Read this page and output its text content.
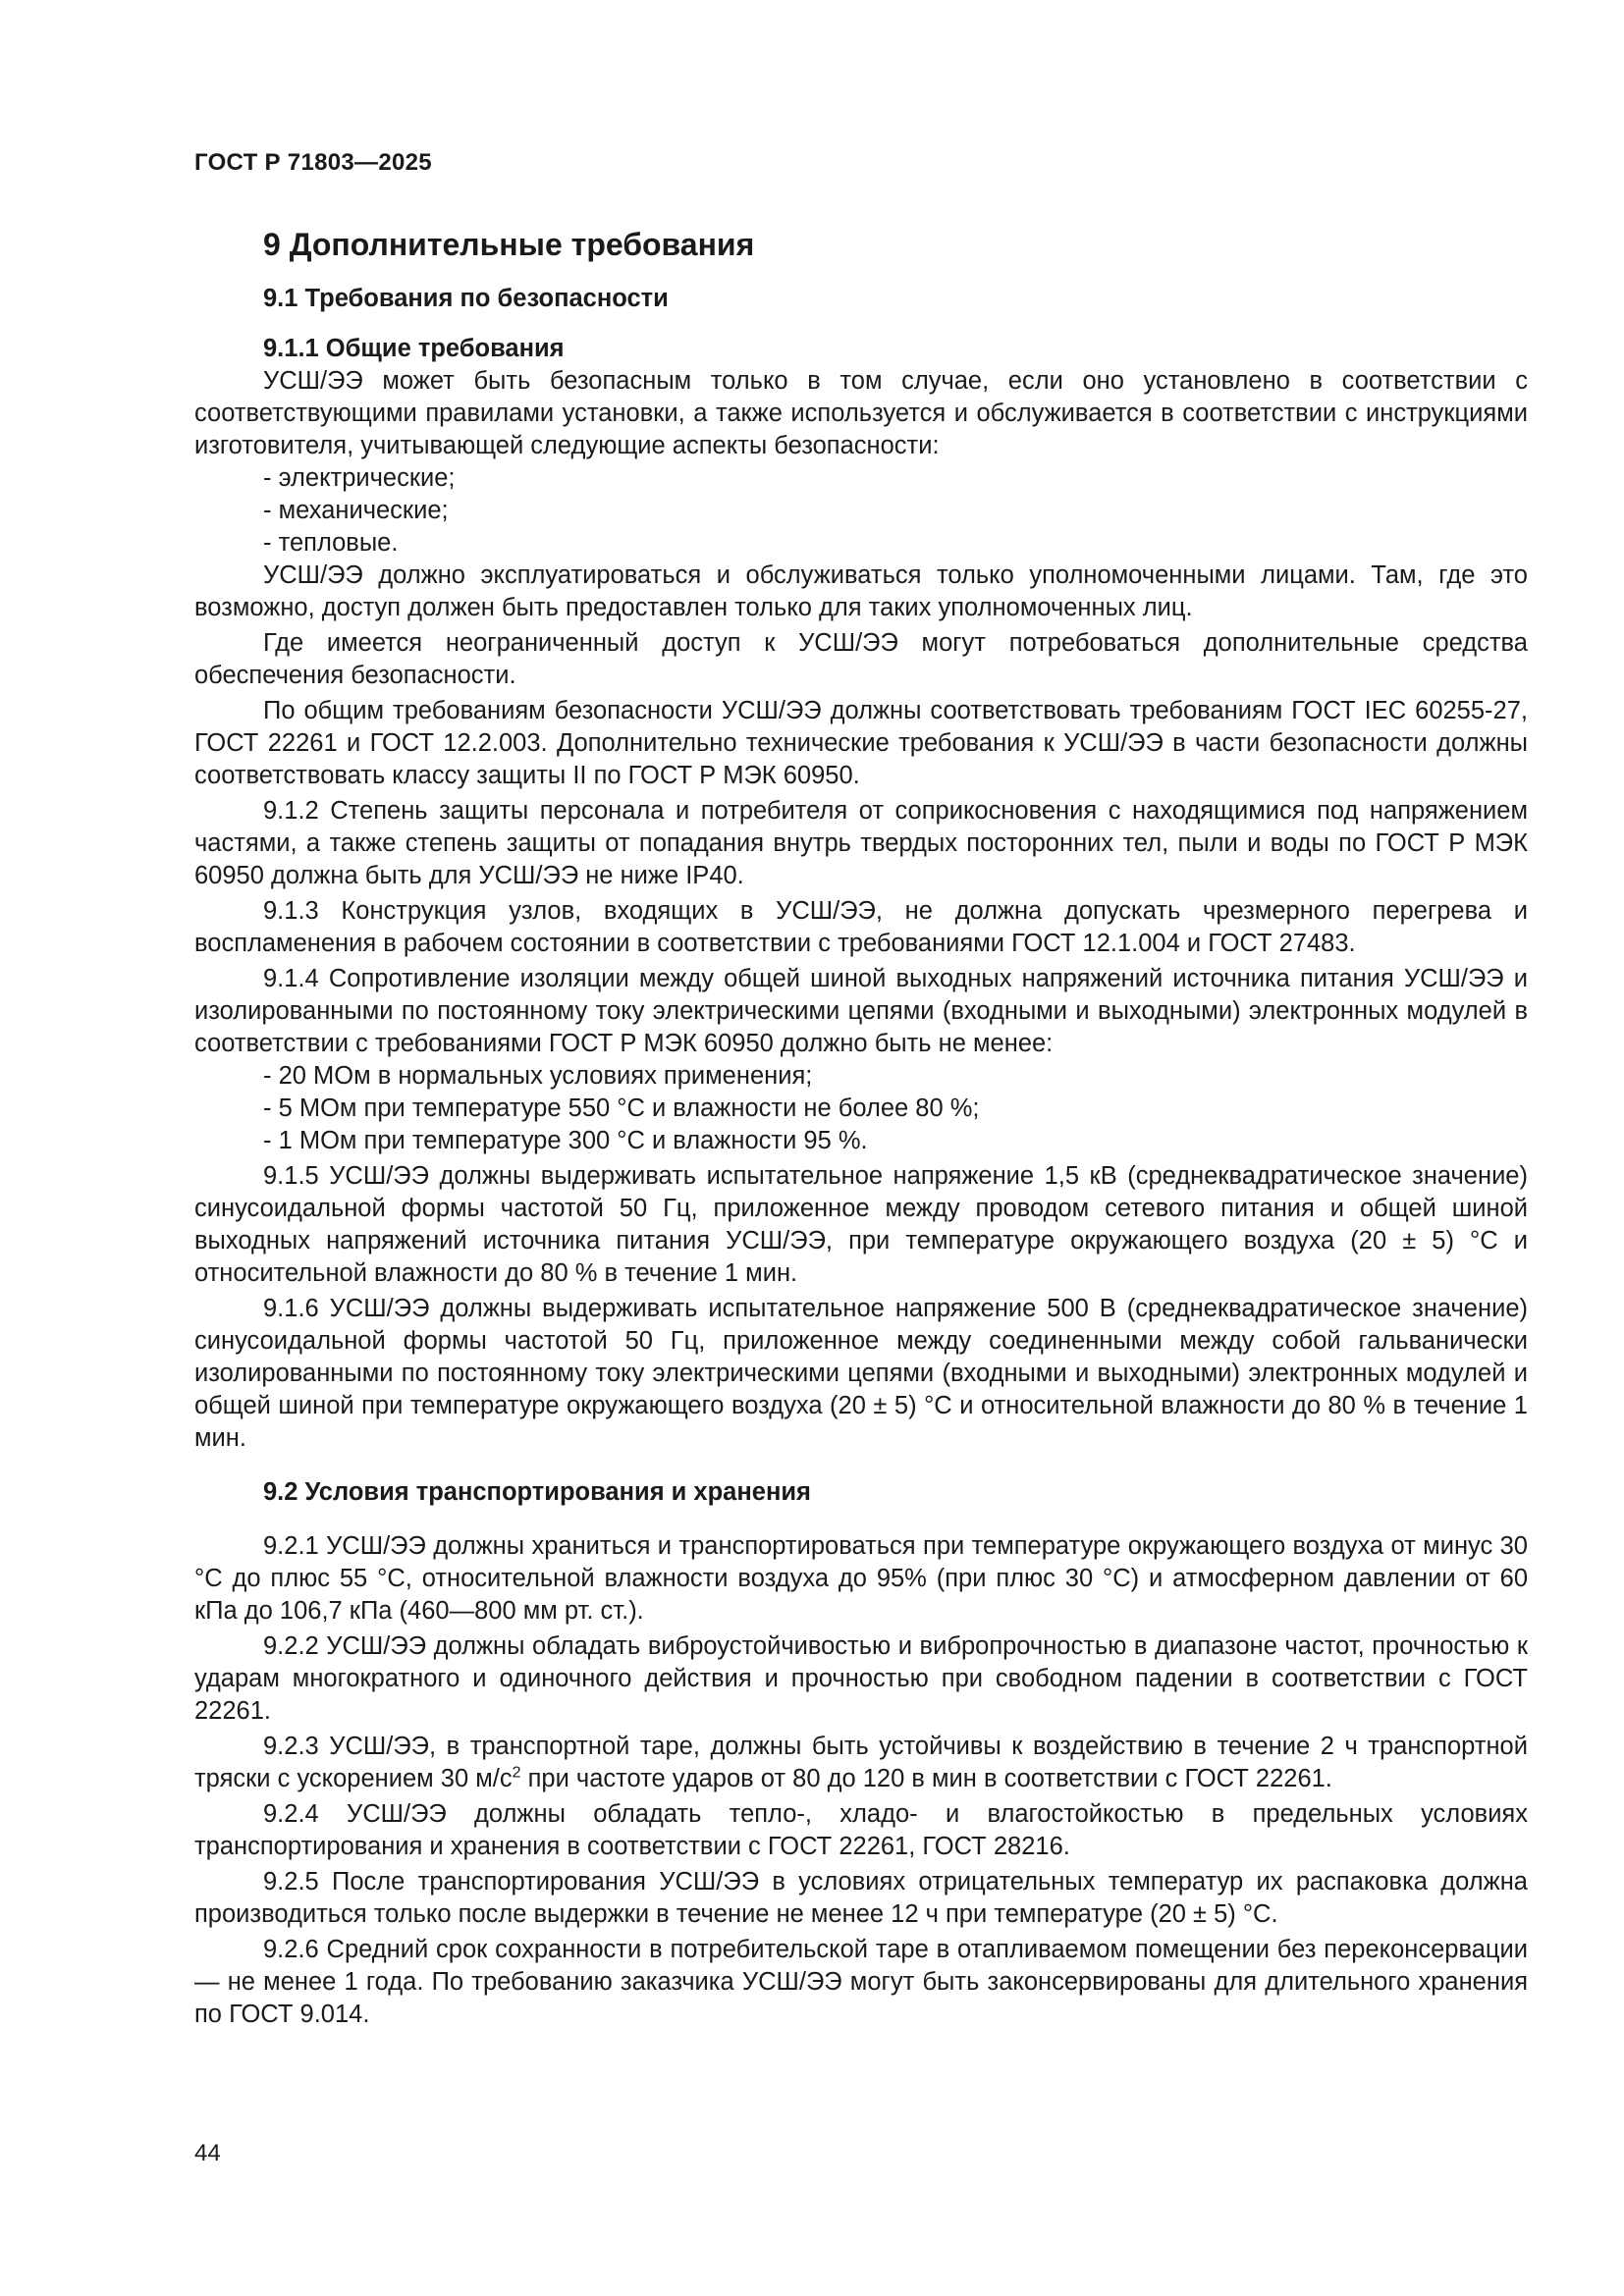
ГОСТ Р 71803—2025
9 Дополнительные требования
9.1 Требования по безопасности
9.1.1 Общие требования

УСШ/ЭЭ может быть безопасным только в том случае, если оно установлено в соответствии с соответствующими правилами установки, а также используется и обслуживается в соответствии с инструкциями изготовителя, учитывающей следующие аспекты безопасности:

- электрические;
- механические;
- тепловые.

УСШ/ЭЭ должно эксплуатироваться и обслуживаться только уполномоченными лицами. Там, где это возможно, доступ должен быть предоставлен только для таких уполномоченных лиц.

Где имеется неограниченный доступ к УСШ/ЭЭ могут потребоваться дополнительные средства обеспечения безопасности.

По общим требованиям безопасности УСШ/ЭЭ должны соответствовать требованиям ГОСТ IEC 60255-27, ГОСТ 22261 и ГОСТ 12.2.003. Дополнительно технические требования к УСШ/ЭЭ в части безопасности должны соответствовать классу защиты II по ГОСТ Р МЭК 60950.

9.1.2 Степень защиты персонала и потребителя от соприкосновения с находящимися под напряжением частями, а также степень защиты от попадания внутрь твердых посторонних тел, пыли и воды по ГОСТ Р МЭК 60950 должна быть для УСШ/ЭЭ не ниже IP40.

9.1.3 Конструкция узлов, входящих в УСШ/ЭЭ, не должна допускать чрезмерного перегрева и воспламенения в рабочем состоянии в соответствии с требованиями ГОСТ 12.1.004 и ГОСТ 27483.

9.1.4 Сопротивление изоляции между общей шиной выходных напряжений источника питания УСШ/ЭЭ и изолированными по постоянному току электрическими цепями (входными и выходными) электронных модулей в соответствии с требованиями ГОСТ Р МЭК 60950 должно быть не менее:

- 20 МОм в нормальных условиях применения;
- 5 МОм при температуре 550 °С и влажности не более 80 %;
- 1 МОм при температуре 300 °С и влажности 95 %.

9.1.5 УСШ/ЭЭ должны выдерживать испытательное напряжение 1,5 кВ (среднеквадратическое значение) синусоидальной формы частотой 50 Гц, приложенное между проводом сетевого питания и общей шиной выходных напряжений источника питания УСШ/ЭЭ, при температуре окружающего воздуха (20 ± 5) °С и относительной влажности до 80 % в течение 1 мин.

9.1.6 УСШ/ЭЭ должны выдерживать испытательное напряжение 500 В (среднеквадратическое значение) синусоидальной формы частотой 50 Гц, приложенное между соединенными между собой гальванически изолированными по постоянному току электрическими цепями (входными и выходными) электронных модулей и общей шиной при температуре окружающего воздуха (20 ± 5) °С и относительной влажности до 80 % в течение 1 мин.

9.2 Условия транспортирования и хранения

9.2.1 УСШ/ЭЭ должны храниться и транспортироваться при температуре окружающего воздуха от минус 30 °С до плюс 55 °С, относительной влажности воздуха до 95% (при плюс 30 °С) и атмосферном давлении от 60 кПа до 106,7 кПа (460—800 мм рт. ст.).

9.2.2 УСШ/ЭЭ должны обладать виброустойчивостью и вибропрочностью в диапазоне частот, прочностью к ударам многократного и одиночного действия и прочностью при свободном падении в соответствии с ГОСТ 22261.

9.2.3 УСШ/ЭЭ, в транспортной таре, должны быть устойчивы к воздействию в течение 2 ч транспортной тряски с ускорением 30 $м/с^2$ при частоте ударов от 80 до 120 в мин в соответствии с ГОСТ 22261.

9.2.4 УСШ/ЭЭ должны обладать тепло-, хладо- и влагостойкостью в предельных условиях транспортирования и хранения в соответствии с ГОСТ 22261, ГОСТ 28216.

9.2.5 После транспортирования УСШ/ЭЭ в условиях отрицательных температур их распаковка должна производиться только после выдержки в течение не менее 12 ч при температуре (20 ± 5) °С.

9.2.6 Средний срок сохранности в потребительской таре в отапливаемом помещении без переконсервации — не менее 1 года. По требованию заказчика УСШ/ЭЭ могут быть законсервированы для длительного хранения по ГОСТ 9.014.

44
